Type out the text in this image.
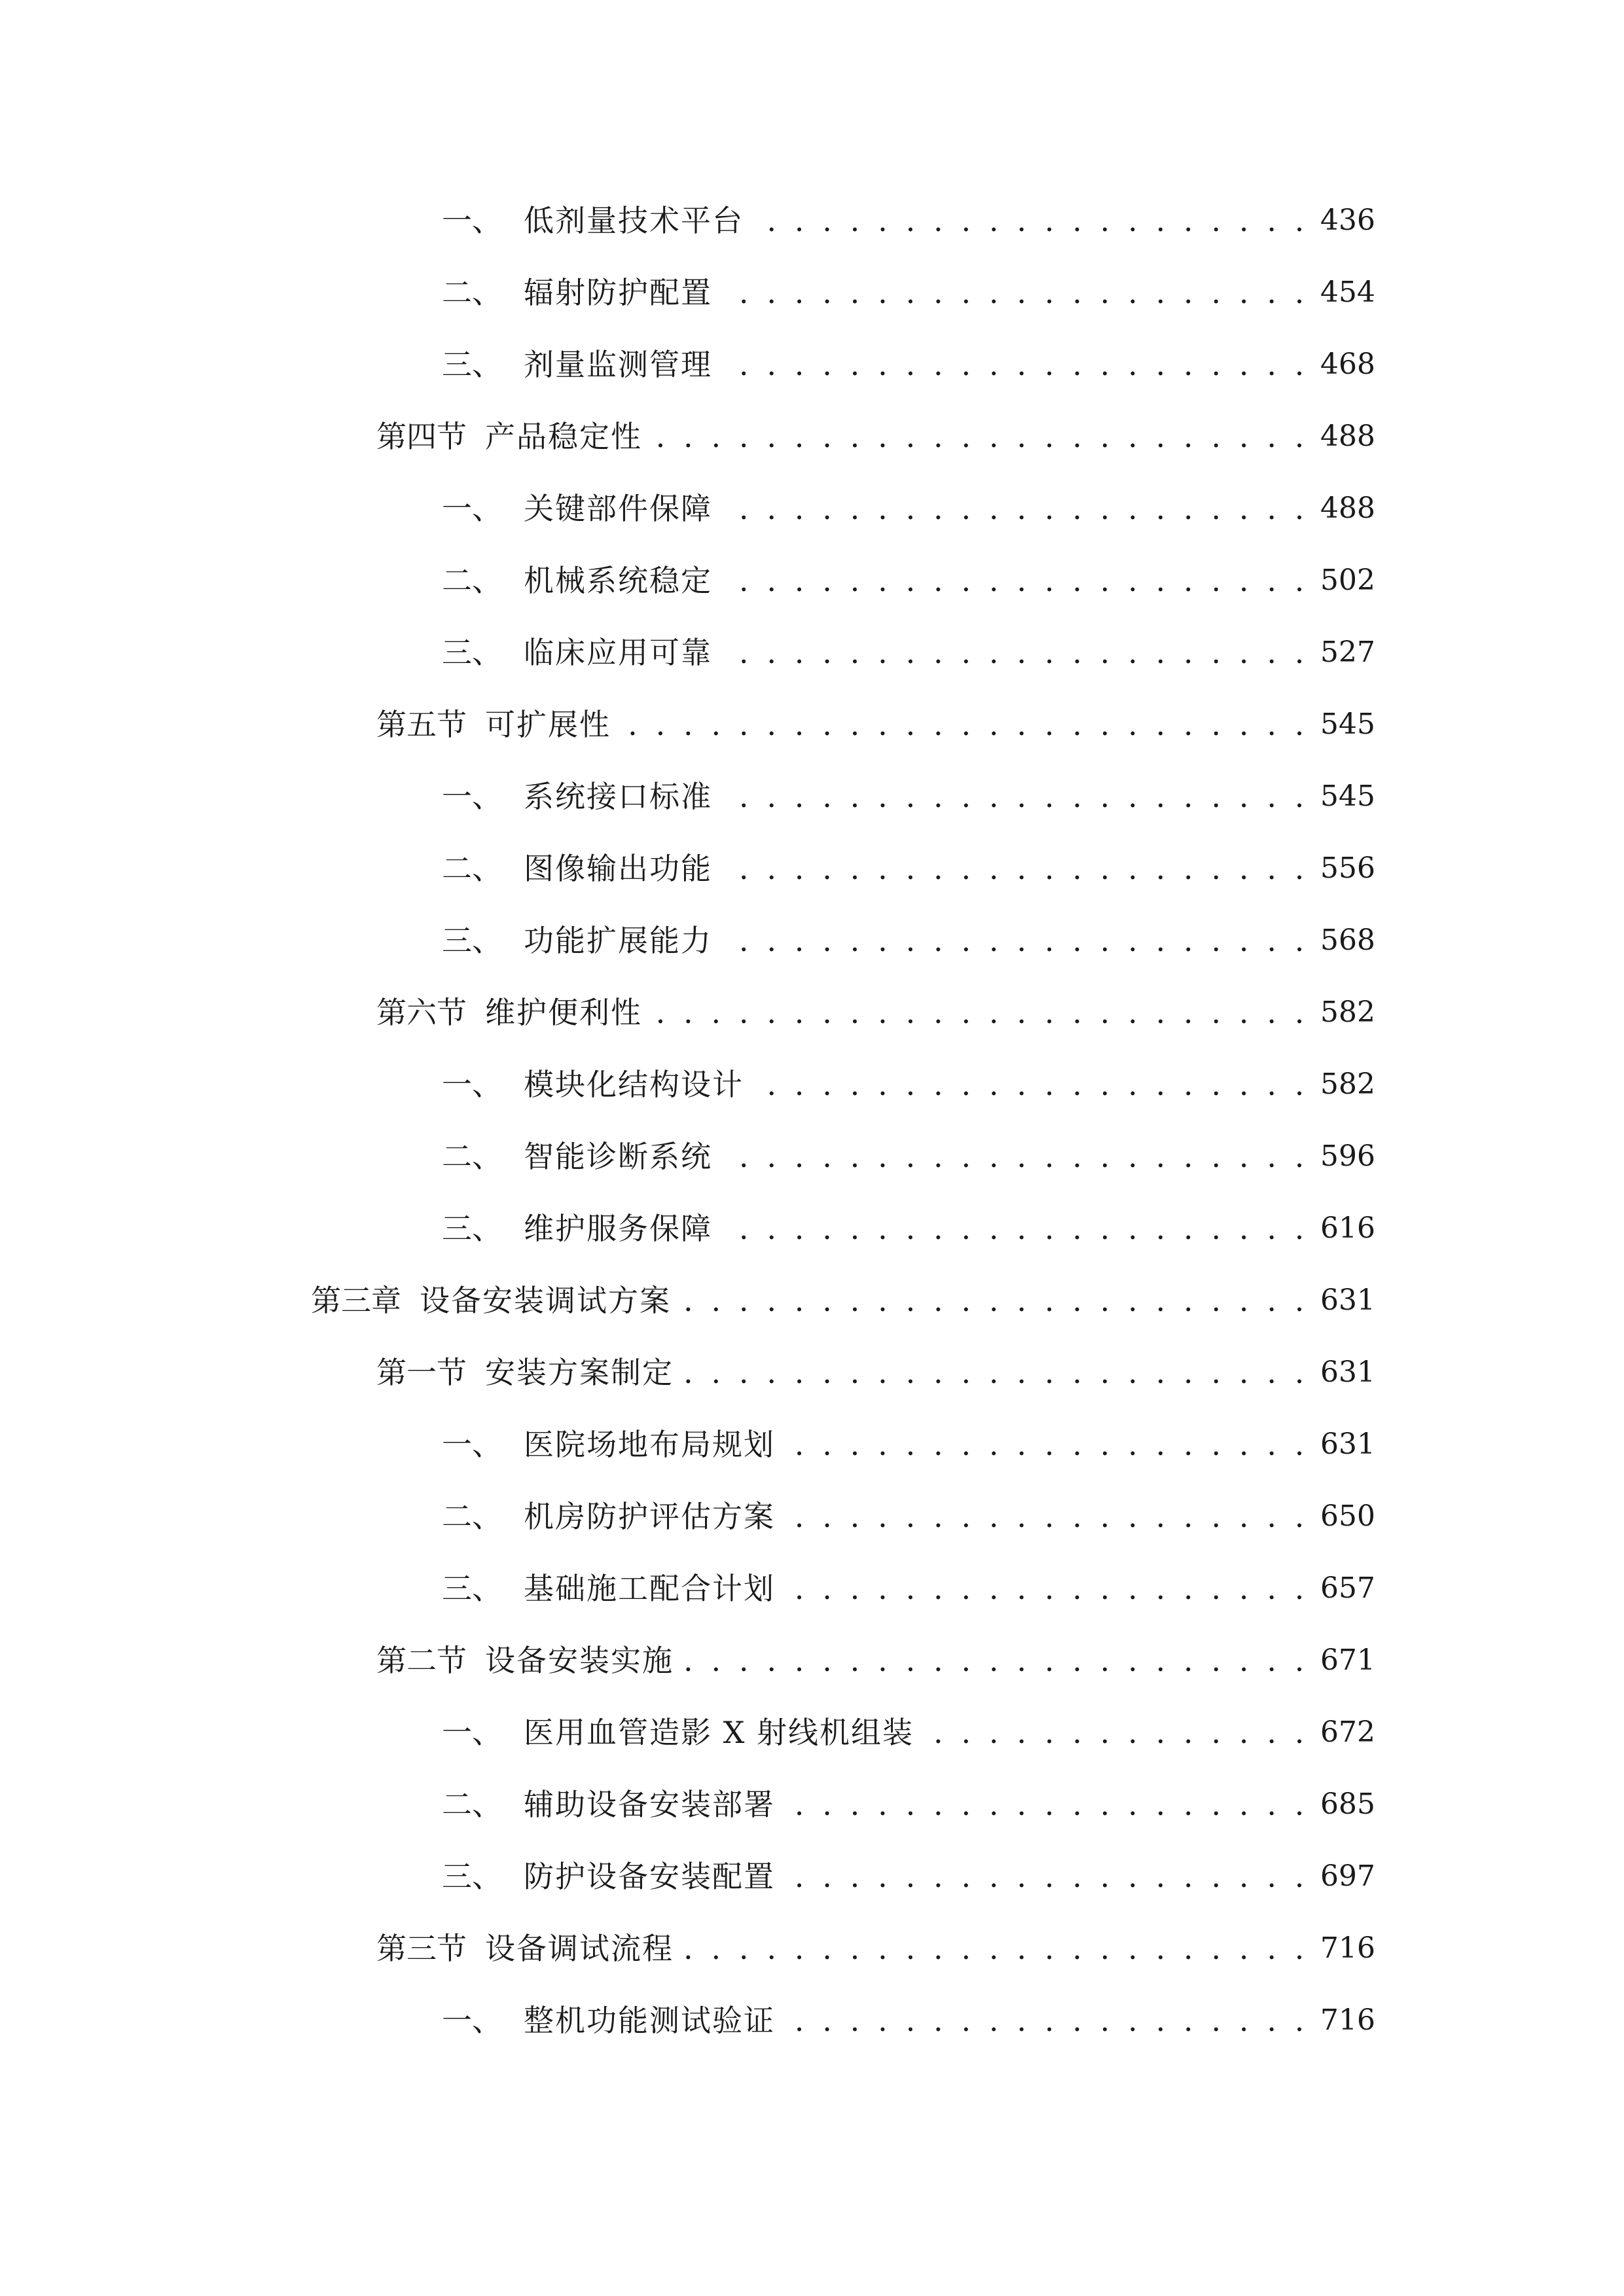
一、 低剂量技术平台 . . .	436
二、 辐射防护配置 . . .	454
三、 剂量监测管理 . . .	468
第四节 产品稳定性 . . .	488
一、 关键部件保障 . . .	488
二、 机械系统稳定 . . .	502
三、 临床应用可靠 . . .	527
第五节 可扩展性 . . .	545
一、 系统接口标准 . . .	545
二、 图像输出功能 . . .	556
三、 功能扩展能力 . . .	568
第六节 维护便利性 . . .	582
一、 模块化结构设计 . . .	582
二、 智能诊断系统 . . .	596
三、 维护服务保障 . . .	616
第三章 设备安装调试方案 . . .	631
第一节 安装方案制定 . . .	631
一、 医院场地布局规划 . . .	631
二、 机房防护评估方案 . . .	650
三、 基础施工配合计划 . . .	657
第二节 设备安装实施 . . .	671
一、 医用血管造影 X 射线机组装 . . .	672
二、 辅助设备安装部署 . . .	685
三、 防护设备安装配置 . . .	697
第三节 设备调试流程 . . .	716
一、 整机功能测试验证 . . .	716
